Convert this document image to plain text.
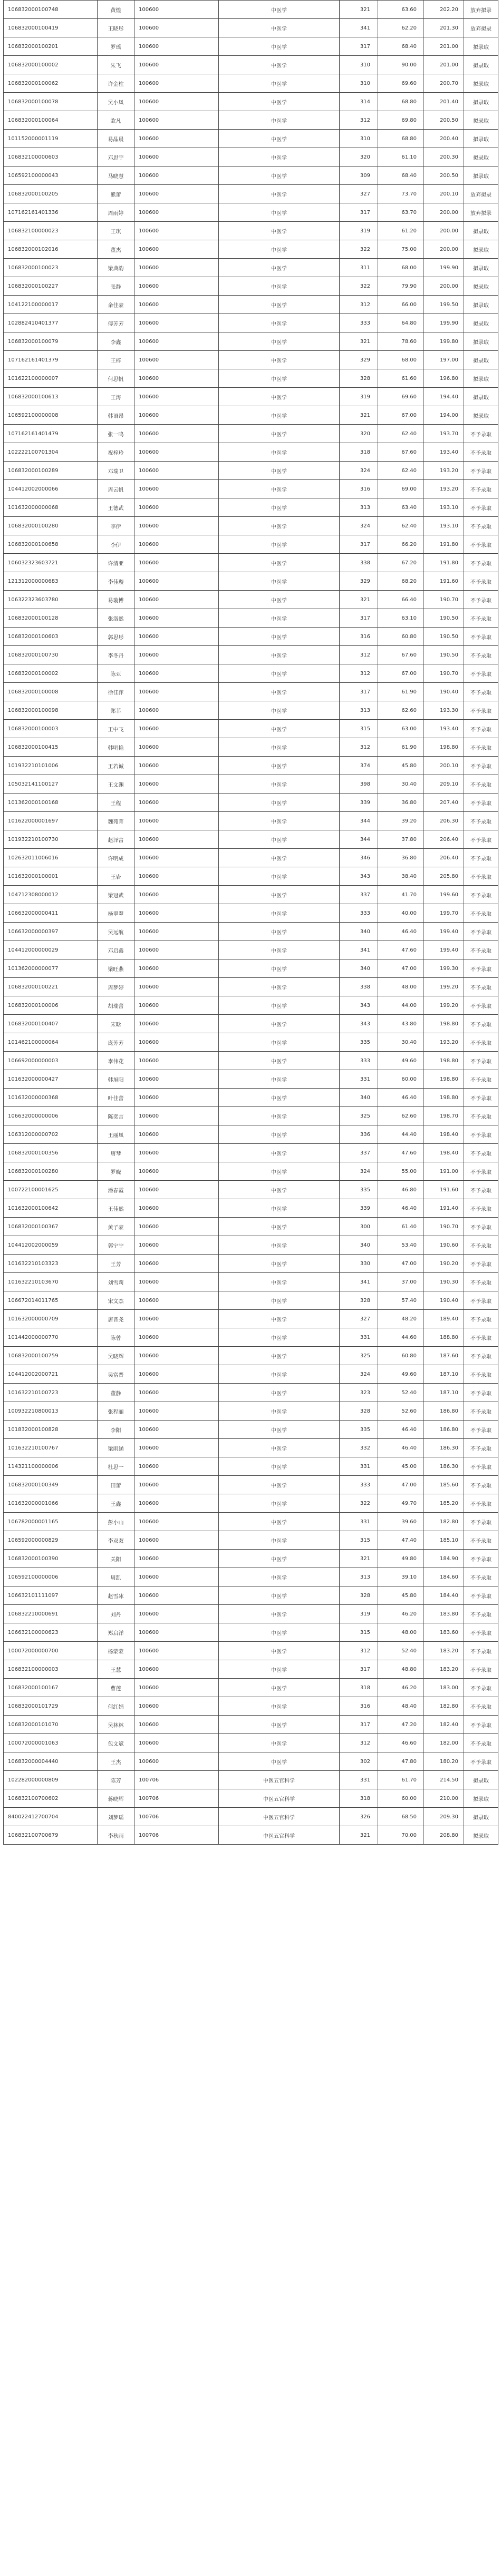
106832000100748	黄煌	100600	中医学	321	63.60	202.20	放弃拟录
106832000100419	王晓彤	100600	中医学	341	62.20	201.30	放弃拟录
106832000100201	罗瑶	100600	中医学	317	68.40	201.00	拟录取
106832000100002	朱飞	100600	中医学	310	90.00	201.00	拟录取
106832000100062	许金柱	100600	中医学	310	69.60	200.70	拟录取
106832000100078	吴小凤	100600	中医学	314	68.80	201.40	拟录取
106832000100064	欧凡	100600	中医学	312	69.80	200.50	拟录取
101152000001119	易晶晨	100600	中医学	310	68.80	200.40	拟录取
106832100000603	邓思宇	100600	中医学	320	61.10	200.30	拟录取
106592100000043	马晓慧	100600	中医学	309	68.40	200.50	拟录取
106832000100205	熊蕾	100600	中医学	327	73.70	200.10	放弃拟录
107162161401336	周雨婷	100600	中医学	317	63.70	200.00	放弃拟录
106832100000023	王琪	100600	中医学	319	61.20	200.00	拟录取
106832000102016	董杰	100600	中医学	322	75.00	200.00	拟录取
106832000100023	梁典韵	100600	中医学	311	68.00	199.90	拟录取
106832000100227	张静	100600	中医学	322	79.90	200.00	拟录取
104122100000017	余佳豪	100600	中医学	312	66.00	199.50	拟录取
102882410401377	傅芳芳	100600	中医学	333	64.80	199.90	拟录取
106832000100079	李鑫	100600	中医学	321	78.60	199.80	拟录取
107162161401379	王梓	100600	中医学	329	68.00	197.00	拟录取
101622100000007	何思帆	100600	中医学	328	61.60	196.80	拟录取
106832000100613	王涛	100600	中医学	319	69.60	194.40	拟录取
106592100000008	韩语昂	100600	中医学	321	67.00	194.00	拟录取
107162161401479	张一鸣	100600	中医学	320	62.40	193.70	不予录取
102222100701304	祝梓玲	100600	中医学	318	67.60	193.40	不予录取
106832000100289	邓瑞卫	100600	中医学	324	62.40	193.20	不予录取
104412002000066	周云帆	100600	中医学	316	69.00	193.20	不予录取
101632000000068	王德武	100600	中医学	313	63.40	193.10	不予录取
106832000100280	李伊	100600	中医学	324	62.40	193.10	不予录取
106832000100658	李伊	100600	中医学	317	66.20	191.80	不予录取
106032323603721	许清亚	100600	中医学	338	67.20	191.80	不予录取
121312000000683	李佳璇	100600	中医学	329	68.20	191.60	不予录取
106322323603780	易璇博	100600	中医学	321	66.40	190.70	不予录取
106832000100128	张洛然	100600	中医学	317	63.10	190.50	不予录取
106832000100603	郭思彤	100600	中医学	316	60.80	190.50	不予录取
106832000100730	李冬丹	100600	中医学	312	67.60	190.50	不予录取
106832000100002	陈亚	100600	中医学	312	67.00	190.70	不予录取
106832000100008	徐佳萍	100600	中医学	317	61.90	190.40	不予录取
106832000100098	郑菲	100600	中医学	313	62.60	193.30	不予录取
106832000100003	王中飞	100600	中医学	315	63.00	193.40	不予录取
106832000100415	韩明艳	100600	中医学	312	61.90	198.80	不予录取
101932210101006	王若诚	100600	中医学	374	45.80	200.10	不予录取
105032141100127	王文渊	100600	中医学	398	30.40	209.10	不予录取
101362000100168	王程	100600	中医学	339	36.80	207.40	不予录取
101622000001697	魏苑菁	100600	中医学	344	39.20	206.30	不予录取
101932210100730	赵泽富	100600	中医学	344	37.80	206.40	不予录取
102632011006016	许明成	100600	中医学	346	36.80	206.40	不予录取
101632000100001	王岩	100600	中医学	343	38.40	205.80	不予录取
104712308000012	梁冠武	100600	中医学	337	41.70	199.60	不予录取
106632000000411	杨翠翠	100600	中医学	333	40.00	199.70	不予录取
106632000000397	吴远航	100600	中医学	340	46.40	199.40	不予录取
104412000000029	邓启鑫	100600	中医学	341	47.60	199.40	不予录取
101362000000077	梁旺燕	100600	中医学	340	47.00	199.30	不予录取
106832000100221	周梦婷	100600	中医学	338	48.00	199.20	不予录取
106832000100006	胡瑞蕾	100600	中医学	343	44.00	199.20	不予录取
106832000100407	宋晗	100600	中医学	343	43.80	198.80	不予录取
101462100000064	庞芳芳	100600	中医学	335	30.40	193.20	不予录取
106692000000003	李伟花	100600	中医学	333	49.60	198.80	不予录取
101632000000427	韩旭阳	100600	中医学	331	60.00	198.80	不予录取
101632000000368	叶佳蕾	100600	中医学	340	46.40	198.80	不予录取
106632000000006	陈奕言	100600	中医学	325	62.60	198.70	不予录取
106312000000702	王丽凤	100600	中医学	336	44.40	198.40	不予录取
106832000100356	唐琴	100600	中医学	337	47.60	198.40	不予录取
106832000100280	罗晓	100600	中医学	324	55.00	191.00	不予录取
100722100001625	潘春霞	100600	中医学	335	46.80	191.60	不予录取
101632000100642	王佳然	100600	中医学	339	46.40	191.40	不予录取
106832000100367	黄子豪	100600	中医学	300	61.40	190.70	不予录取
104412002000059	郭宁宁	100600	中医学	340	53.40	190.60	不予录取
101632210103323	王芳	100600	中医学	330	47.00	190.20	不予录取
101632210103670	刘雪莉	100600	中医学	341	37.00	190.30	不予录取
106672014011765	宋文杰	100600	中医学	328	57.40	190.40	不予录取
101632000000709	唐晋尧	100600	中医学	327	48.20	189.40	不予录取
101442000000770	陈曾	100600	中医学	331	44.60	188.80	不予录取
106832000100759	吴晓辉	100600	中医学	325	60.80	187.60	不予录取
104412002000721	吴富晋	100600	中医学	324	49.60	187.10	不予录取
101632210100723	董静	100600	中医学	323	52.40	187.10	不予录取
100932210800013	张程丽	100600	中医学	328	52.60	186.80	不予录取
101832000100828	李阳	100600	中医学	335	46.40	186.80	不予录取
101632210100767	梁雨涵	100600	中医学	332	46.40	186.30	不予录取
114321100000006	杜思一	100600	中医学	331	45.00	186.30	不予录取
106832000100349	田蕾	100600	中医学	333	47.00	185.60	不予录取
101632000001066	王鑫	100600	中医学	322	49.70	185.20	不予录取
106782000001165	彭小山	100600	中医学	331	39.60	182.80	不予录取
106592000000829	李双双	100600	中医学	315	47.40	185.10	不予录取
106832000100390	关阳	100600	中医学	321	49.80	184.90	不予录取
106592100000006	周凯	100600	中医学	313	39.10	184.60	不予录取
106632101111097	赵雪冰	100600	中医学	328	45.80	184.40	不予录取
106832210000691	刘丹	100600	中医学	319	46.20	183.80	不予录取
106632100000623	郑启洋	100600	中医学	315	48.00	183.60	不予录取
100072000000700	杨蒙蒙	100600	中医学	312	52.40	183.20	不予录取
106832100000003	王慧	100600	中医学	317	48.80	183.20	不予录取
106832000100167	曹莲	100600	中医学	318	46.20	183.00	不予录取
106832000101729	何红娟	100600	中医学	316	48.40	182.80	不予录取
106832000101070	吴林林	100600	中医学	317	47.20	182.40	不予录取
100072000001063	包文斌	100600	中医学	312	46.60	182.00	不予录取
106832000004440	王杰	100600	中医学	302	47.80	180.20	不予录取
102282000000809	陈芳	100706	中医五官科学	331	61.70	214.50	拟录取
106832100700602	蒋晓辉	100706	中医五官科学	318	60.00	210.00	拟录取
840022412700704	刘梦瑶	100706	中医五官科学	326	68.50	209.30	拟录取
106832100700679	李秋雨	100706	中医五官科学	321	70.00	208.80	拟录取
